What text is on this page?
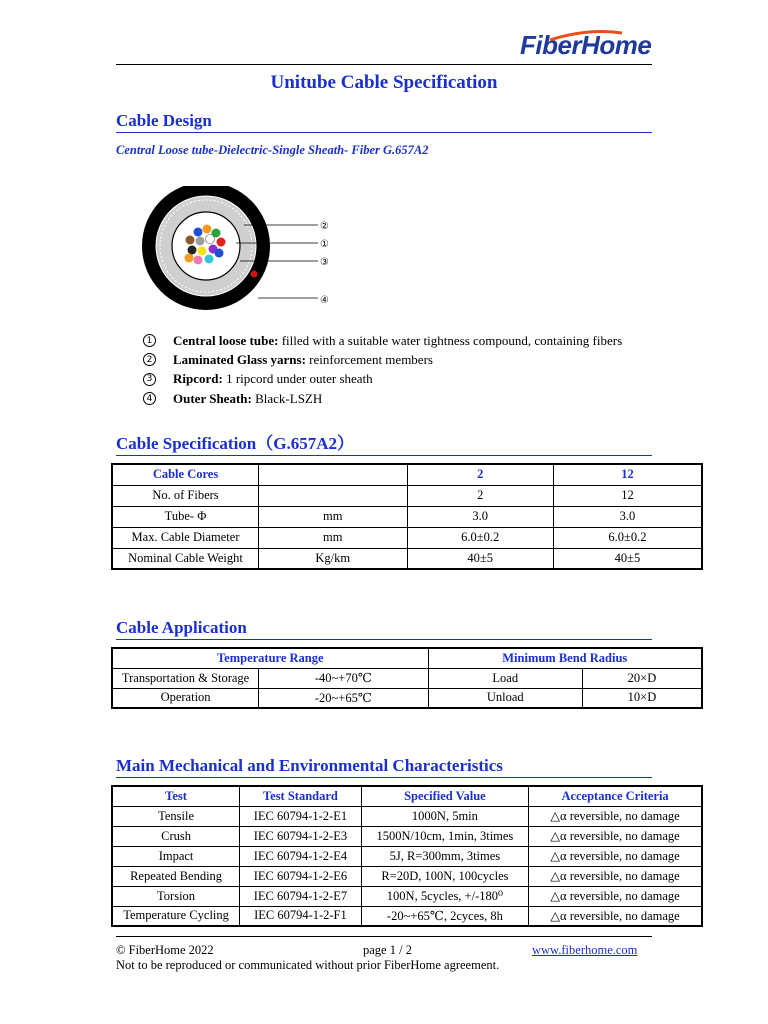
FiberHome
Unitube Cable Specification
Cable Design
Central Loose tube-Dielectric-Single Sheath- Fiber G.657A2
②
①
③
④
1 Central loose tube: filled with a suitable water tightness compound, containing fibers
2 Laminated Glass yarns: reinforcement members
3 Ripcord: 1 ripcord under outer sheath
4 Outer Sheath: Black-LSZH
Cable Specification（G.657A2）
Cable Cores		2	12
No. of Fibers		2	12
Tube- Φ	mm	3.0	3.0
Max. Cable Diameter	mm	6.0±0.2	6.0±0.2
Nominal Cable Weight	Kg/km	40±5	40±5
Cable Application
Temperature Range		Minimum Bend Radius	
Transportation & Storage	-40~+70℃	Load	20×D
Operation	-20~+65℃	Unload	10×D
Main Mechanical and Environmental Characteristics
Test	Test Standard	Specified Value	Acceptance Criteria
Tensile	IEC 60794-1-2-E1	1000N, 5min	△α reversible, no damage
Crush	IEC 60794-1-2-E3	1500N/10cm, 1min, 3times	△α reversible, no damage
Impact	IEC 60794-1-2-E4	5J, R=300mm, 3times	△α reversible, no damage
Repeated Bending	IEC 60794-1-2-E6	R=20D, 100N, 100cycles	△α reversible, no damage
Torsion	IEC 60794-1-2-E7	100N, 5cycles, +/-180⁰	△α reversible, no damage
Temperature Cycling	IEC 60794-1-2-F1	-20~+65℃, 2cyces, 8h	△α reversible, no damage
© FiberHome 2022	page 1 / 2	www.fiberhome.com
Not to be reproduced or communicated without prior FiberHome agreement.
